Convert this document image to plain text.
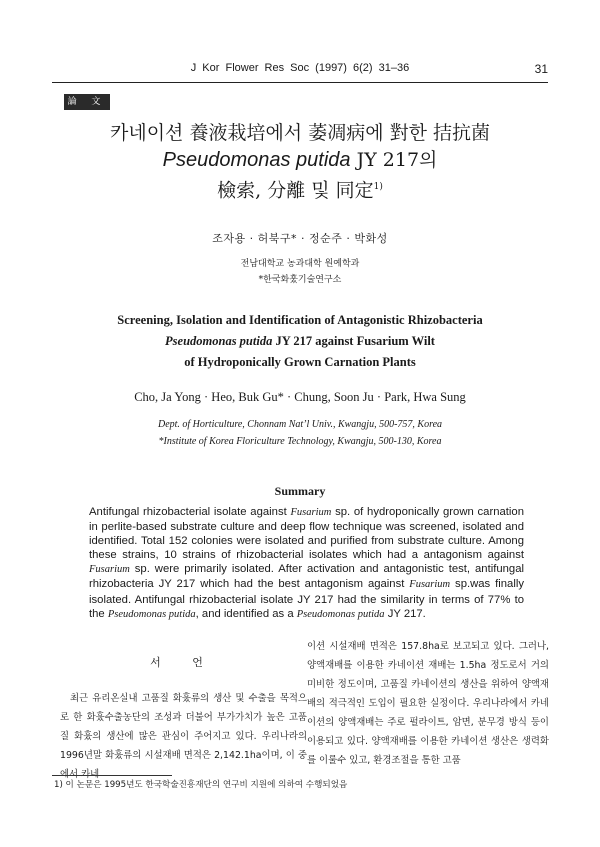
J Kor Flower Res Soc (1997) 6(2) 31–36	31
論 文
카네이션 養液栽培에서 萎凋病에 對한 拮抗菌
Pseudomonas putida JY 217의
檢索, 分離 및 同定$^{1)}$
조자용 · 허북구* · 정순주 · 박화성
전남대학교 농과대학 원예학과
*한국화훘기술연구소
Screening, Isolation and Identification of Antagonistic Rhizobacteria
Pseudomonas putida JY 217 against Fusarium Wilt
of Hydroponically Grown Carnation Plants
Cho, Ja Yong · Heo, Buk Gu* · Chung, Soon Ju · Park, Hwa Sung
Dept. of Horticulture, Chonnam Nat’l Univ., Kwangju, 500-757, Korea
*Institute of Korea Floriculture Technology, Kwangju, 500-130, Korea
Summary
Antifungal rhizobacterial isolate against Fusarium sp. of hydroponically grown carnation in perlite-based substrate culture and deep flow technique was screened, isolated and identified. Total 152 colonies were isolated and purified from substrate culture. Among these strains, 10 strains of rhizobacterial isolates which had a antagonism against Fusarium sp. were primarily isolated. After activation and antagonistic test, antifungal rhizobacteria JY 217 which had the best antagonism against Fusarium sp.was finally isolated. Antifungal rhizobacterial isolate JY 217 had the similarity in terms of 77% to the Pseudomonas putida, and identified as a Pseudomonas putida JY 217.
서 언
최근 유리온실내 고품질 화훘류의 생산 및 수출을 목적으로 한 화훘수출농단의 조성과 더불어 부가가치가 높은 고품질 화훘의 생산에 많은 관심이 주어지고 있다. 우리나라의 1996년말 화훘류의 시설재배 면적은 2,142.1ha이며, 이 중에서 카네
이션 시설재배 면적은 157.8ha로 보고되고 있다. 그러나, 양액재배를 이용한 카네이션 재배는 1.5ha 정도로서 거의 미비한 정도이며, 고품질 카네이션의 생산을 위하여 양액재배의 적극적인 도입이 필요한 실정이다. 우리나라에서 카네이션의 양액재배는 주로 펄라이트, 암면, 분무경 방식 등이 이용되고 있다. 양액재배를 이용한 카네이션 생산은 생력화를 이룰수 있고, 환경조절을 통한 고품
1) 이 논문은 1995년도 한국학술진흥재단의 연구비 지원에 의하여 수행되었음
